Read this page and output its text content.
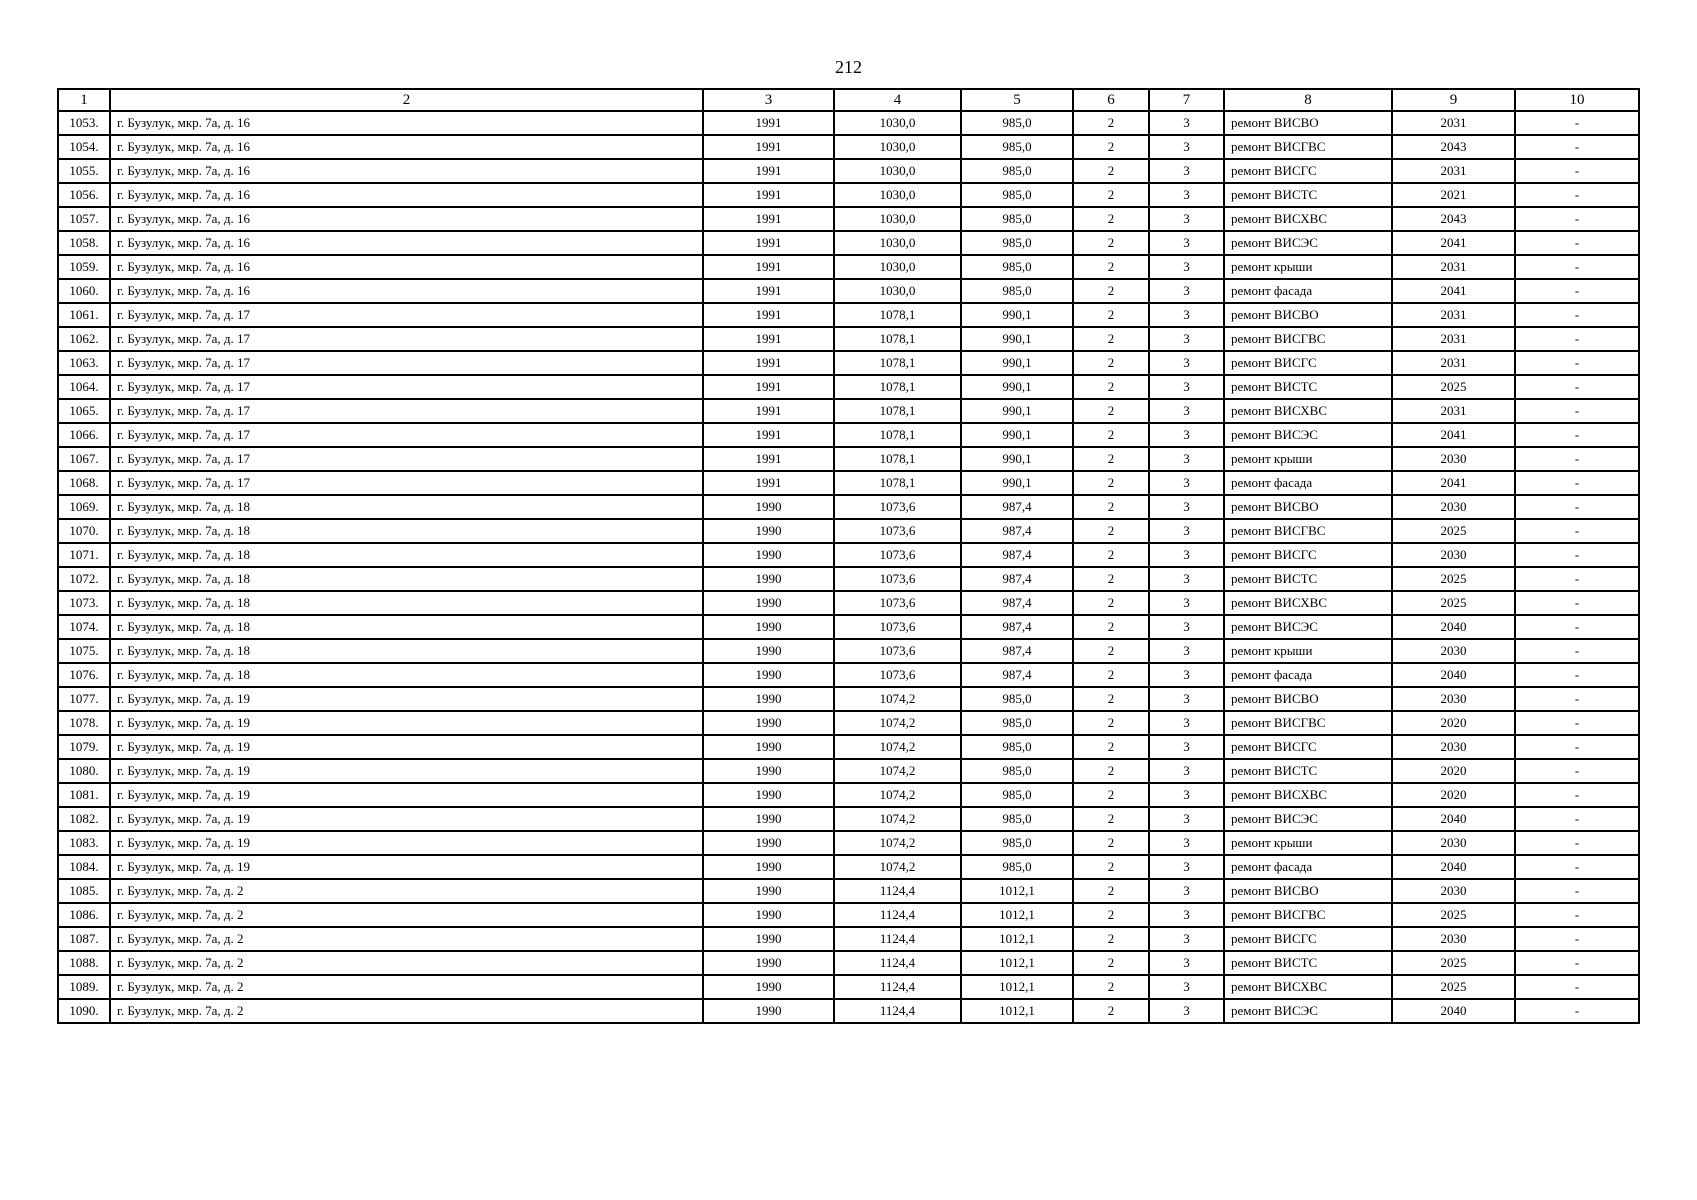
212
1	2	3	4	5	6	7	8	9	10
1053.	г. Бузулук, мкр. 7а, д. 16	1991	1030,0	985,0	2	3	ремонт ВИСВО	2031	-
1054.	г. Бузулук, мкр. 7а, д. 16	1991	1030,0	985,0	2	3	ремонт ВИСГВС	2043	-
1055.	г. Бузулук, мкр. 7а, д. 16	1991	1030,0	985,0	2	3	ремонт ВИСГС	2031	-
1056.	г. Бузулук, мкр. 7а, д. 16	1991	1030,0	985,0	2	3	ремонт ВИСТС	2021	-
1057.	г. Бузулук, мкр. 7а, д. 16	1991	1030,0	985,0	2	3	ремонт ВИСХВС	2043	-
1058.	г. Бузулук, мкр. 7а, д. 16	1991	1030,0	985,0	2	3	ремонт ВИСЭС	2041	-
1059.	г. Бузулук, мкр. 7а, д. 16	1991	1030,0	985,0	2	3	ремонт крыши	2031	-
1060.	г. Бузулук, мкр. 7а, д. 16	1991	1030,0	985,0	2	3	ремонт фасада	2041	-
1061.	г. Бузулук, мкр. 7а, д. 17	1991	1078,1	990,1	2	3	ремонт ВИСВО	2031	-
1062.	г. Бузулук, мкр. 7а, д. 17	1991	1078,1	990,1	2	3	ремонт ВИСГВС	2031	-
1063.	г. Бузулук, мкр. 7а, д. 17	1991	1078,1	990,1	2	3	ремонт ВИСГС	2031	-
1064.	г. Бузулук, мкр. 7а, д. 17	1991	1078,1	990,1	2	3	ремонт ВИСТС	2025	-
1065.	г. Бузулук, мкр. 7а, д. 17	1991	1078,1	990,1	2	3	ремонт ВИСХВС	2031	-
1066.	г. Бузулук, мкр. 7а, д. 17	1991	1078,1	990,1	2	3	ремонт ВИСЭС	2041	-
1067.	г. Бузулук, мкр. 7а, д. 17	1991	1078,1	990,1	2	3	ремонт крыши	2030	-
1068.	г. Бузулук, мкр. 7а, д. 17	1991	1078,1	990,1	2	3	ремонт фасада	2041	-
1069.	г. Бузулук, мкр. 7а, д. 18	1990	1073,6	987,4	2	3	ремонт ВИСВО	2030	-
1070.	г. Бузулук, мкр. 7а, д. 18	1990	1073,6	987,4	2	3	ремонт ВИСГВС	2025	-
1071.	г. Бузулук, мкр. 7а, д. 18	1990	1073,6	987,4	2	3	ремонт ВИСГС	2030	-
1072.	г. Бузулук, мкр. 7а, д. 18	1990	1073,6	987,4	2	3	ремонт ВИСТС	2025	-
1073.	г. Бузулук, мкр. 7а, д. 18	1990	1073,6	987,4	2	3	ремонт ВИСХВС	2025	-
1074.	г. Бузулук, мкр. 7а, д. 18	1990	1073,6	987,4	2	3	ремонт ВИСЭС	2040	-
1075.	г. Бузулук, мкр. 7а, д. 18	1990	1073,6	987,4	2	3	ремонт крыши	2030	-
1076.	г. Бузулук, мкр. 7а, д. 18	1990	1073,6	987,4	2	3	ремонт фасада	2040	-
1077.	г. Бузулук, мкр. 7а, д. 19	1990	1074,2	985,0	2	3	ремонт ВИСВО	2030	-
1078.	г. Бузулук, мкр. 7а, д. 19	1990	1074,2	985,0	2	3	ремонт ВИСГВС	2020	-
1079.	г. Бузулук, мкр. 7а, д. 19	1990	1074,2	985,0	2	3	ремонт ВИСГС	2030	-
1080.	г. Бузулук, мкр. 7а, д. 19	1990	1074,2	985,0	2	3	ремонт ВИСТС	2020	-
1081.	г. Бузулук, мкр. 7а, д. 19	1990	1074,2	985,0	2	3	ремонт ВИСХВС	2020	-
1082.	г. Бузулук, мкр. 7а, д. 19	1990	1074,2	985,0	2	3	ремонт ВИСЭС	2040	-
1083.	г. Бузулук, мкр. 7а, д. 19	1990	1074,2	985,0	2	3	ремонт крыши	2030	-
1084.	г. Бузулук, мкр. 7а, д. 19	1990	1074,2	985,0	2	3	ремонт фасада	2040	-
1085.	г. Бузулук, мкр. 7а, д. 2	1990	1124,4	1012,1	2	3	ремонт ВИСВО	2030	-
1086.	г. Бузулук, мкр. 7а, д. 2	1990	1124,4	1012,1	2	3	ремонт ВИСГВС	2025	-
1087.	г. Бузулук, мкр. 7а, д. 2	1990	1124,4	1012,1	2	3	ремонт ВИСГС	2030	-
1088.	г. Бузулук, мкр. 7а, д. 2	1990	1124,4	1012,1	2	3	ремонт ВИСТС	2025	-
1089.	г. Бузулук, мкр. 7а, д. 2	1990	1124,4	1012,1	2	3	ремонт ВИСХВС	2025	-
1090.	г. Бузулук, мкр. 7а, д. 2	1990	1124,4	1012,1	2	3	ремонт ВИСЭС	2040	-
